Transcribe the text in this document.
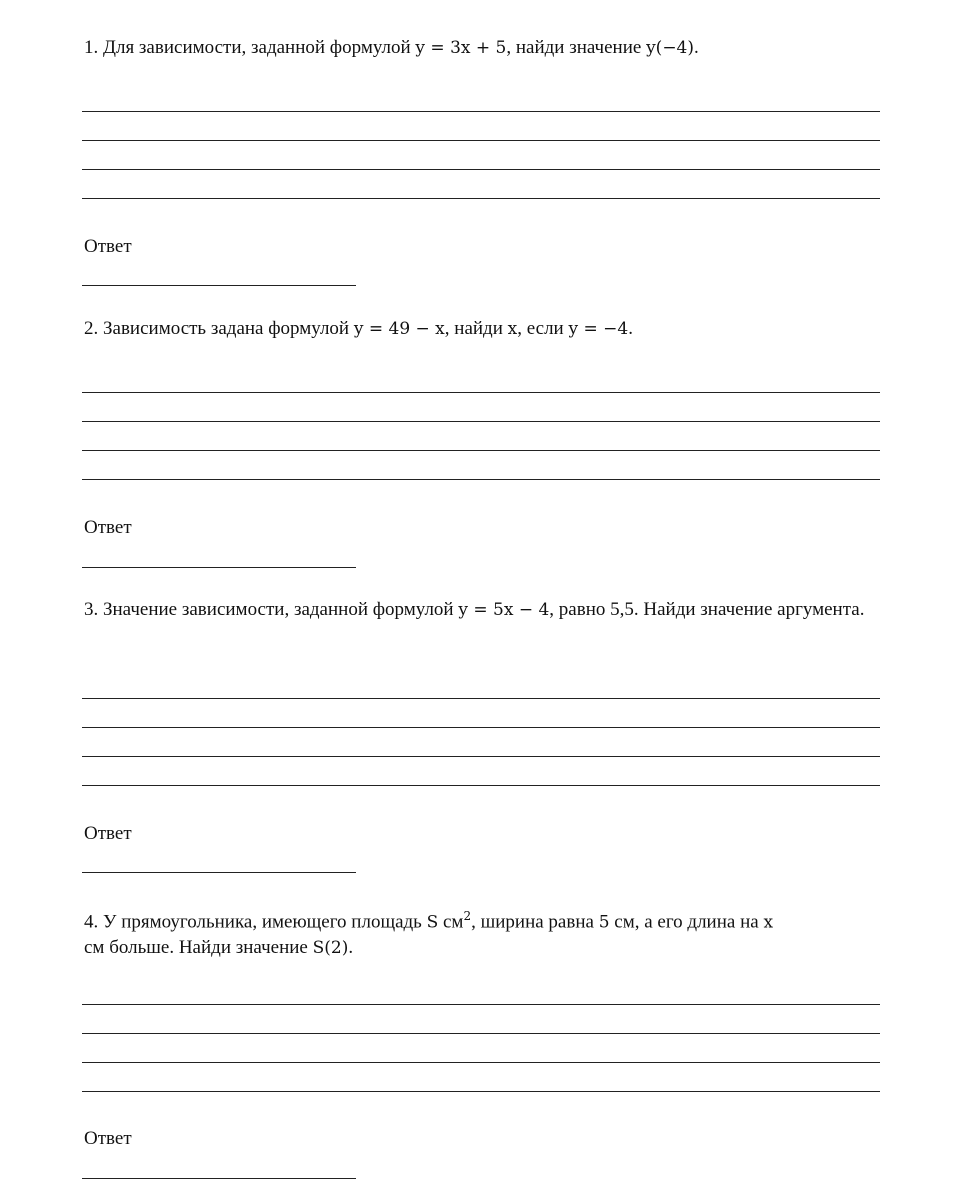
1. Для зависимости, заданной формулой y = 3x + 5, найди значение y(−4).
Ответ
2. Зависимость задана формулой y = 49 − x, найди x, если y = −4.
Ответ
3. Значение зависимости, заданной формулой y = 5x − 4, равно 5,5. Найди значение аргумента.
Ответ
4. У прямоугольника, имеющего площадь S $см^2$, ширина равна 5 см, а его длина на x
см больше. Найди значение S(2).
Ответ
